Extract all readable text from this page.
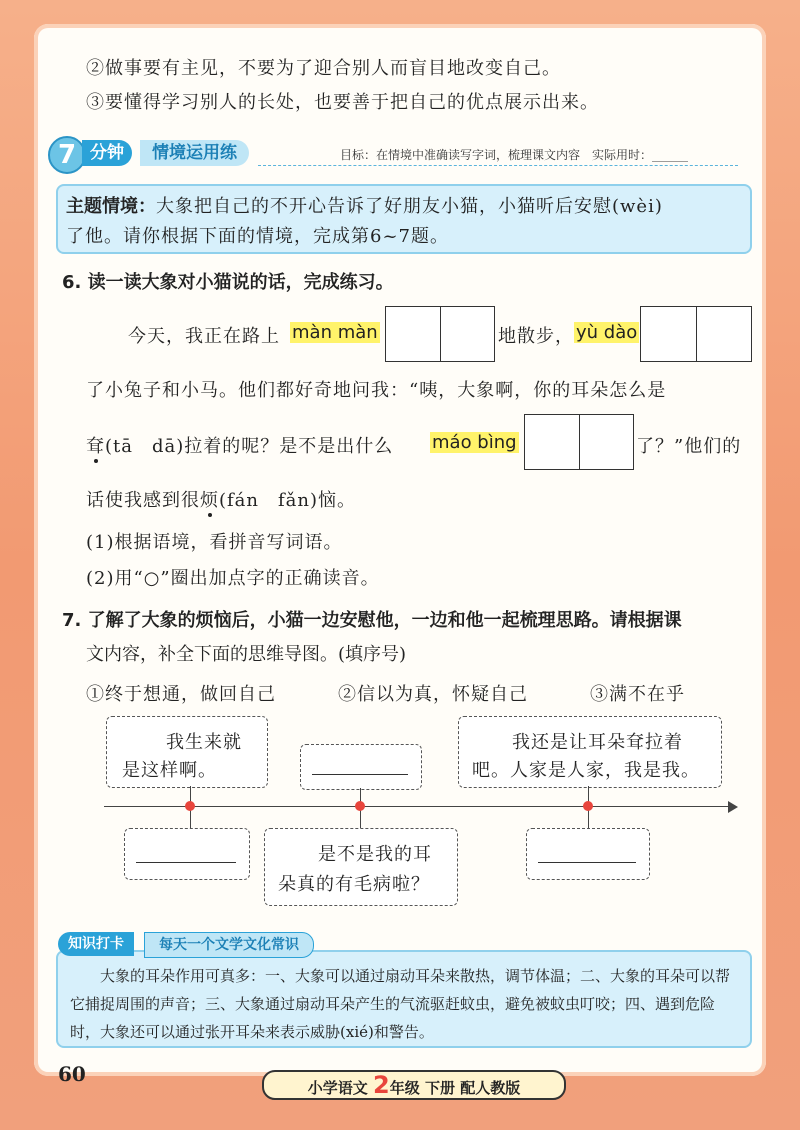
②做事要有主见，不要为了迎合别人而盲目地改变自己。
③要懂得学习别人的长处，也要善于把自己的优点展示出来。
7 分钟	情境运用练	目标：在情境中准确读写字词，梳理课文内容　实际用时：______
主题情境：大象把自己的不开心告诉了好朋友小猫，小猫听后安慰(wèi)
了他。请你根据下面的情境，完成第6~7题。
6. 读一读大象对小猫说的话，完成练习。
今天，我正在路上 màn màn	地散步， yù dào
了小兔子和小马。他们都好奇地问我：“咦，大象啊，你的耳朵怎么是
耷(tā　dā)拉着的呢？是不是出什么 máo bìng	了？”他们的
话使我感到很烦(fán　fǎn)恼。
(1)根据语境，看拼音写词语。
(2)用“○”圈出加点字的正确读音。
7. 了解了大象的烦恼后，小猫一边安慰他，一边和他一起梳理思路。请根据课
文内容，补全下面的思维导图。(填序号)
①终于想通，做回自己	②信以为真，怀疑自己	③满不在乎
我生来就
是这样啊。
我还是让耳朵耷拉着
吧。人家是人家，我是我。
是不是我的耳
朵真的有毛病啦？
知识打卡	每天一个文学文化常识
大象的耳朵作用可真多：一、大象可以通过扇动耳朵来散热，调节体温；二、大象的耳朵可以帮它捕捉周围的声音；三、大象通过扇动耳朵产生的气流驱赶蚊虫，避免被蚊虫叮咬；四、遇到危险时，大象还可以通过张开耳朵来表示威胁(xié)和警告。
60
小学语文 2年级 下册 配人教版
